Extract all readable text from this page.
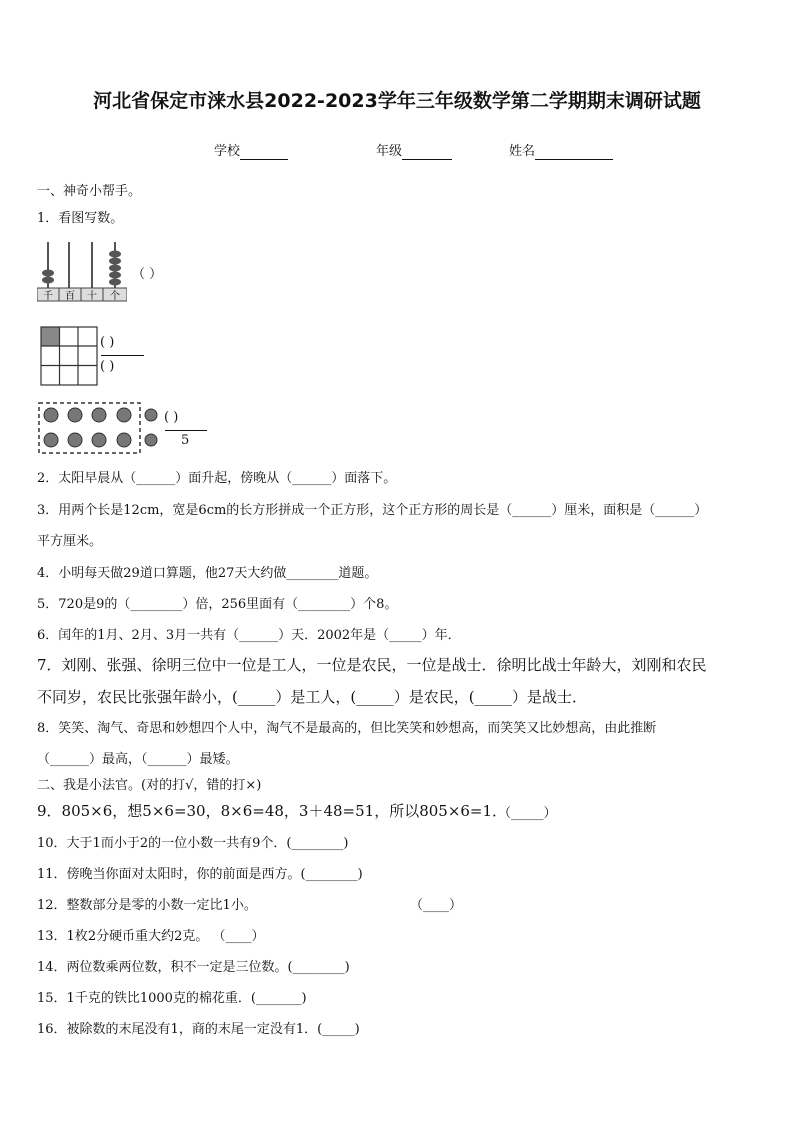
河北省保定市涞水县2022-2023学年三年级数学第二学期期末调研试题
学校	年级	姓名
一、神奇小帮手。
1．看图写数。
千 百 十 个
（ ）
( )
( )
( )
5
2．太阳早晨从（______）面升起，傍晚从（______）面落下。
3．用两个长是12cm，宽是6cm的长方形拼成一个正方形，这个正方形的周长是（______）厘米，面积是（______）
平方厘米。
4．小明每天做29道口算题，他27天大约做________道题。
5．720是9的（________）倍，256里面有（________）个8。
6．闰年的1月、2月、3月一共有（______）天．2002年是（_____）年．
7．刘刚、张强、徐明三位中一位是工人，一位是农民，一位是战士．徐明比战士年龄大，刘刚和农民
不同岁，农民比张强年龄小，(_____）是工人，(_____）是农民，(_____）是战士．
8．笑笑、淘气、奇思和妙想四个人中，淘气不是最高的，但比笑笑和妙想高，而笑笑又比妙想高，由此推断
（______）最高，（______）最矮。
二、我是小法官。(对的打√，错的打×)
9．805×6，想5×6=30，8×6=48，3＋48=51，所以805×6=1．
（_____）
10．大于1而小于2的一位小数一共有9个．(________)
11．傍晚当你面对太阳时，你的前面是西方。(________)
12．整数部分是零的小数一定比1小。	（____）
13．1枚2分硬币重大约2克。 （____）
14．两位数乘两位数，积不一定是三位数。(________)
15．1千克的铁比1000克的棉花重．(_______)
16．被除数的末尾没有1，商的末尾一定没有1．(_____)
